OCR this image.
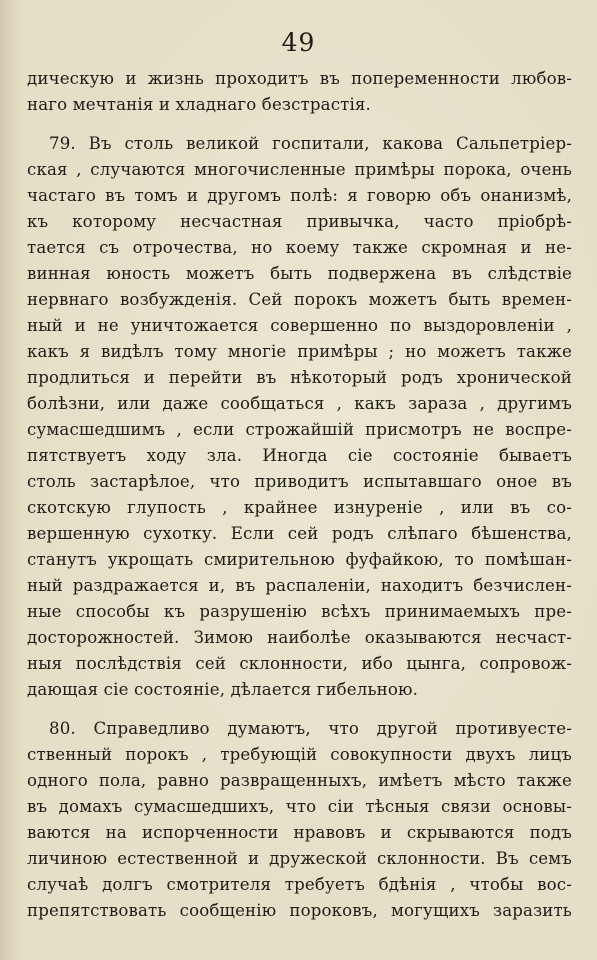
49
дическую и жизнь проходитъ въ попеременности любов-
наго мечтанія и хладнаго безстрастія.
79. Въ столь великой госпитали, какова Сальпетріер-
ская , случаются многочисленные примѣры порока, очень
частаго въ томъ и другомъ полѣ: я говорю объ онанизмѣ,
къ которому несчастная привычка, часто пріобрѣ-
тается съ отрочества, но коему также скромная и не-
винная юность можетъ быть подвержена въ слѣдствіе
нервнаго возбужденія. Сей порокъ можетъ быть времен-
ный и не уничтожается совершенно по выздоровленіи ,
какъ я видѣлъ тому многіе примѣры ; но можетъ также
продлиться и перейти въ нѣкоторый родъ хронической
болѣзни, или даже сообщаться , какъ зараза , другимъ
сумасшедшимъ , если строжайшій присмотръ не воспре-
пятствуетъ ходу зла. Иногда сіе состояніе бываетъ
столь застарѣлое, что приводитъ испытавшаго оное въ
скотскую глупость , крайнее изнуреніе , или въ со-
вершенную сухотку. Если сей родъ слѣпаго бѣшенства,
станутъ укрощать смирительною фуфайкою, то помѣшан-
ный раздражается и, въ распаленіи, находитъ безчислен-
ные способы къ разрушенію всѣхъ принимаемыхъ пре-
досторожностей. Зимою наиболѣе оказываются несчаст-
ныя послѣдствія сей склонности, ибо цынга, сопровож-
дающая сіе состояніе, дѣлается гибельною.
80. Справедливо думаютъ, что другой противуесте-
ственный порокъ , требующій совокупности двухъ лицъ
одного пола, равно развращенныхъ, имѣетъ мѣсто также
въ домахъ сумасшедшихъ, что сіи тѣсныя связи основы-
ваются на испорченности нравовъ и скрываются подъ
личиною естественной и дружеской склонности. Въ семъ
случаѣ долгъ смотрителя требуетъ бдѣнія , чтобы вос-
препятствовать сообщенію пороковъ, могущихъ заразить
